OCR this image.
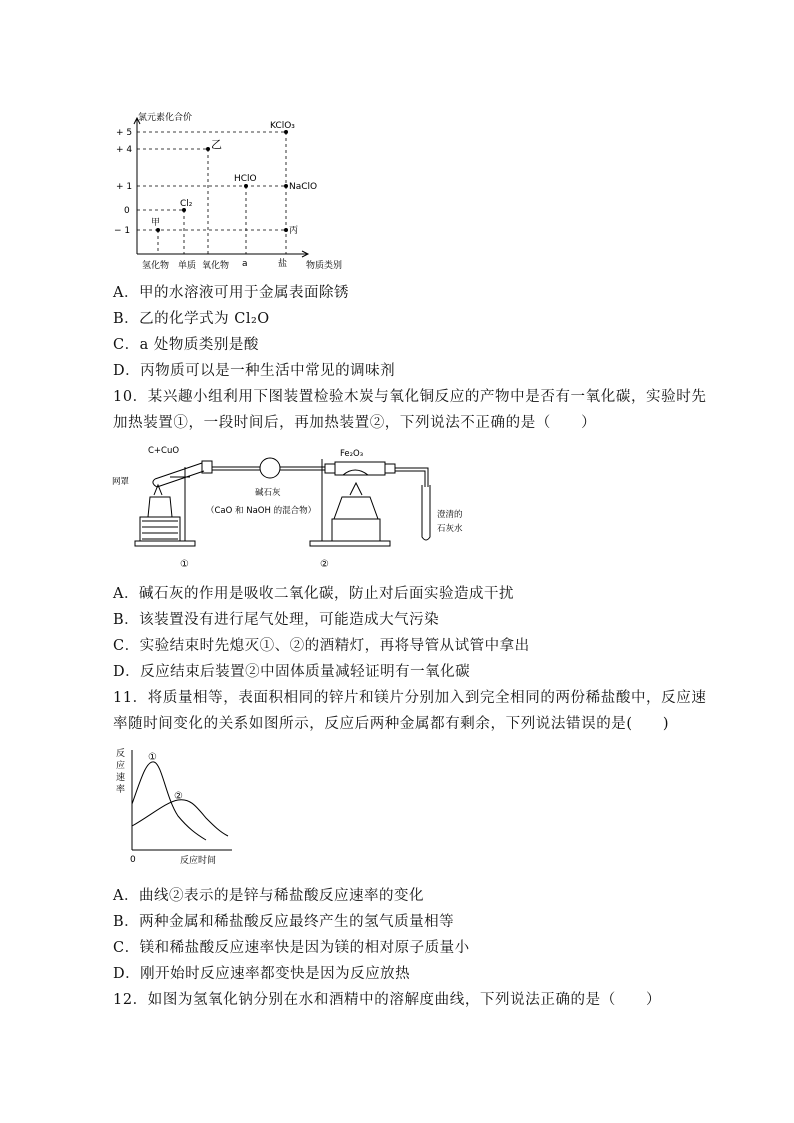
氯元素化合价
+ 5
+ 4
+ 1
0
− 1
氢化物 单质 氧化物 a	盐 物质类别
甲
Cl₂
乙
HClO
KClO₃
NaClO
丙
A．甲的水溶液可用于金属表面除锈
B．乙的化学式为 Cl₂O
C．a 处物质类别是酸
D．丙物质可以是一种生活中常见的调味剂
10．某兴趣小组利用下图装置检验木炭与氧化铜反应的产物中是否有一氧化碳，实验时先
加热装置①，一段时间后，再加热装置②，下列说法不正确的是（　　）
C+CuO
网罩
碱石灰
（CaO 和 NaOH 的混合物）
Fe₂O₃
澄清的
石灰水
①	②
A．碱石灰的作用是吸收二氧化碳，防止对后面实验造成干扰
B．该装置没有进行尾气处理，可能造成大气污染
C．实验结束时先熄灭①、②的酒精灯，再将导管从试管中拿出
D．反应结束后装置②中固体质量减轻证明有一氧化碳
11．将质量相等，表面积相同的锌片和镁片分别加入到完全相同的两份稀盐酸中，反应速
率随时间变化的关系如图所示，反应后两种金属都有剩余，下列说法错误的是(　　)
反
应
速
率
0	反应时间
①
②
A．曲线②表示的是锌与稀盐酸反应速率的变化
B．两种金属和稀盐酸反应最终产生的氢气质量相等
C．镁和稀盐酸反应速率快是因为镁的相对原子质量小
D．刚开始时反应速率都变快是因为反应放热
12．如图为氢氧化钠分别在水和酒精中的溶解度曲线，下列说法正确的是（　　）
